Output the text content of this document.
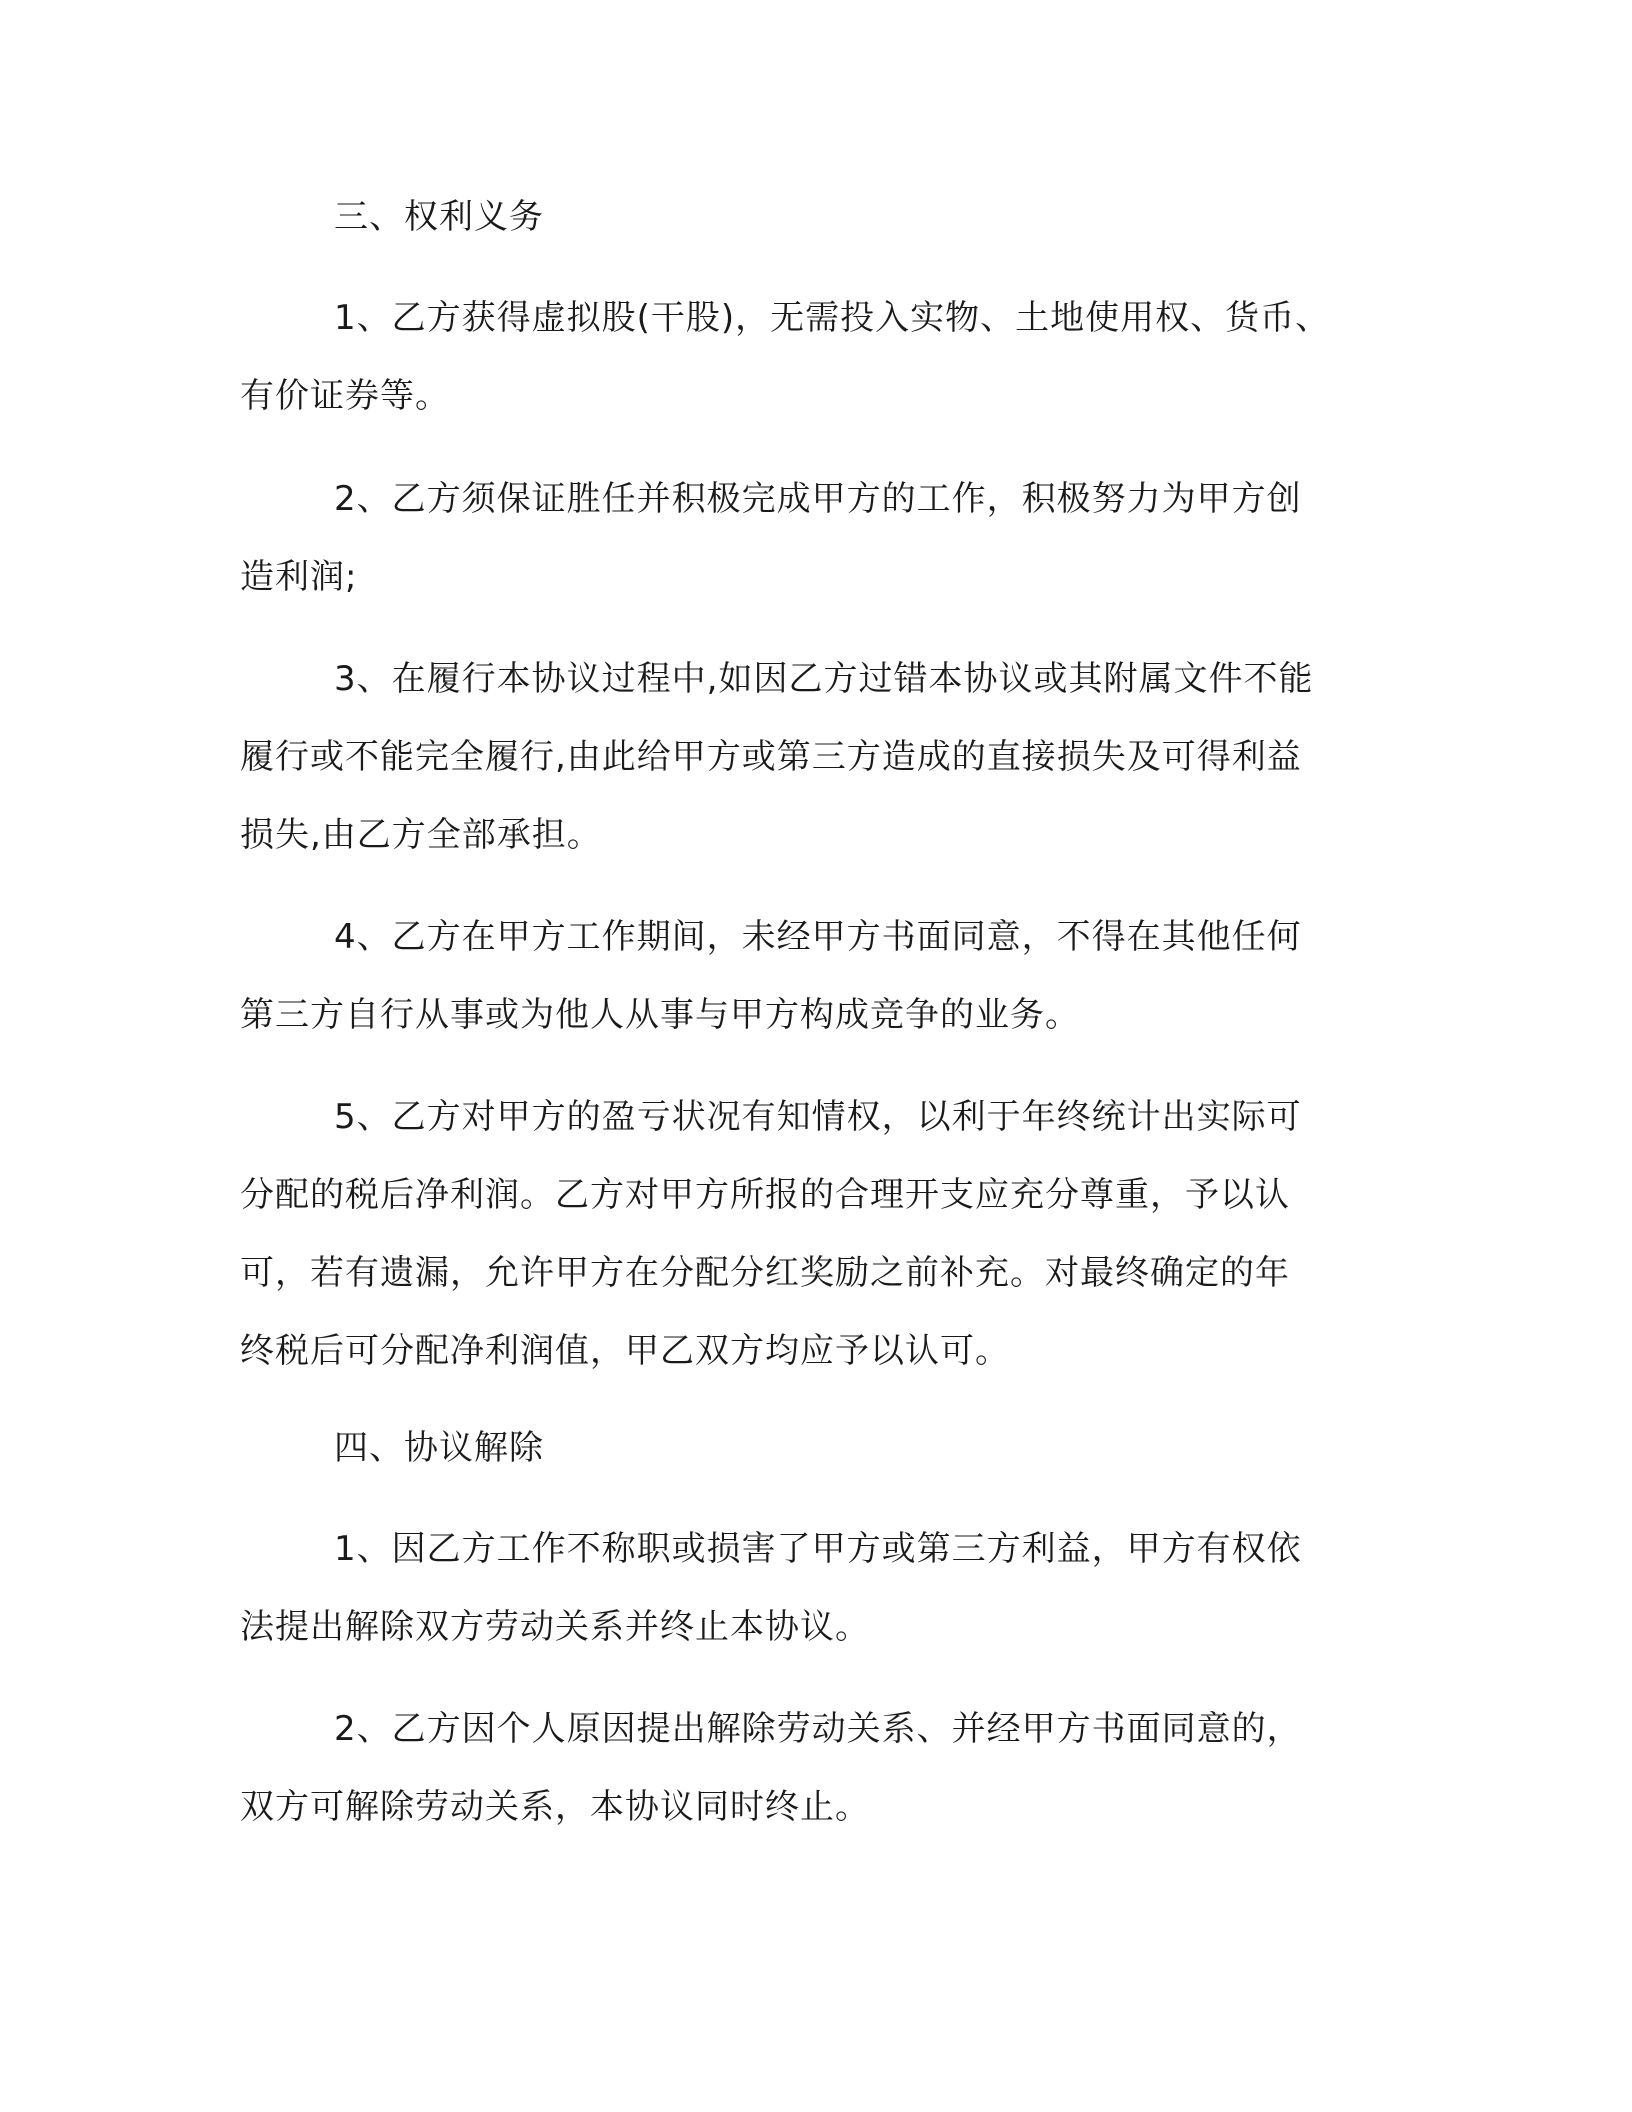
三、权利义务
1、乙方获得虚拟股(干股)，无需投入实物、土地使用权、货币、
有价证券等。
2、乙方须保证胜任并积极完成甲方的工作，积极努力为甲方创
造利润;
3、在履行本协议过程中,如因乙方过错本协议或其附属文件不能
履行或不能完全履行,由此给甲方或第三方造成的直接损失及可得利益
损失,由乙方全部承担。
4、乙方在甲方工作期间，未经甲方书面同意，不得在其他任何
第三方自行从事或为他人从事与甲方构成竞争的业务。
5、乙方对甲方的盈亏状况有知情权，以利于年终统计出实际可
分配的税后净利润。乙方对甲方所报的合理开支应充分尊重，予以认
可，若有遗漏，允许甲方在分配分红奖励之前补充。对最终确定的年
终税后可分配净利润值，甲乙双方均应予以认可。
四、协议解除
1、因乙方工作不称职或损害了甲方或第三方利益，甲方有权依
法提出解除双方劳动关系并终止本协议。
2、乙方因个人原因提出解除劳动关系、并经甲方书面同意的，
双方可解除劳动关系，本协议同时终止。
